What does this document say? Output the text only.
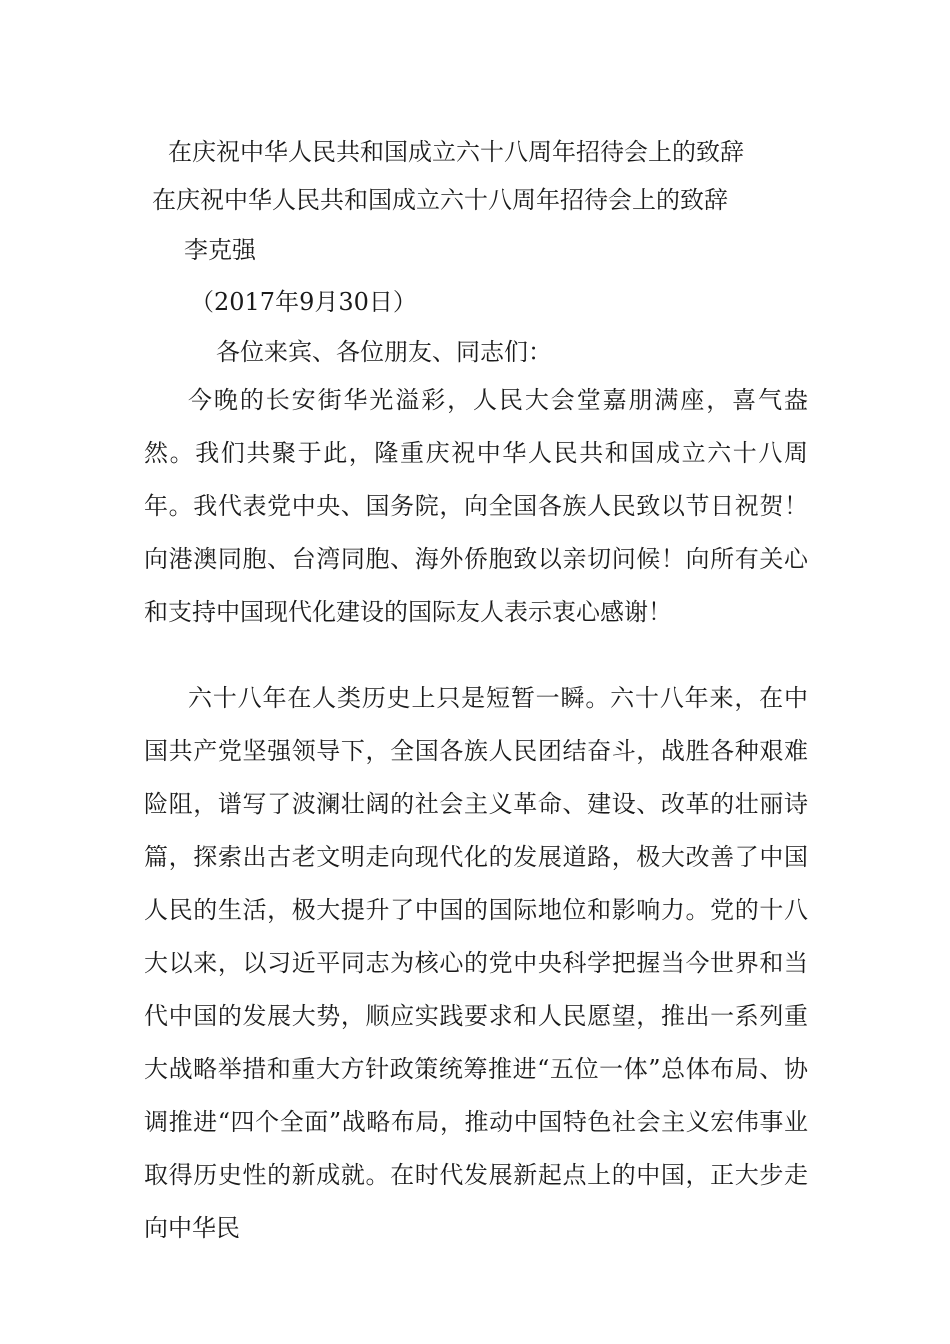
在庆祝中华人民共和国成立六十八周年招待会上的致辞
在庆祝中华人民共和国成立六十八周年招待会上的致辞
李克强
（2017年9月30日）
各位来宾、各位朋友、同志们：

今晚的长安街华光溢彩，人民大会堂嘉朋满座，喜气盎然。我们共聚于此，隆重庆祝中华人民共和国成立六十八周年。我代表党中央、国务院，向全国各族人民致以节日祝贺！向港澳同胞、台湾同胞、海外侨胞致以亲切问候！向所有关心和支持中国现代化建设的国际友人表示衷心感谢！

六十八年在人类历史上只是短暂一瞬。六十八年来，在中国共产党坚强领导下，全国各族人民团结奋斗，战胜各种艰难险阻，谱写了波澜壮阔的社会主义革命、建设、改革的壮丽诗篇，探索出古老文明走向现代化的发展道路，极大改善了中国人民的生活，极大提升了中国的国际地位和影响力。党的十八大以来，以习近平同志为核心的党中央科学把握当今世界和当代中国的发展大势，顺应实践要求和人民愿望，推出一系列重大战略举措和重大方针政策统筹推进“五位一体”总体布局、协调推进“四个全面”战略布局，推动中国特色社会主义宏伟事业取得历史性的新成就。在时代发展新起点上的中国，正大步走向中华民
